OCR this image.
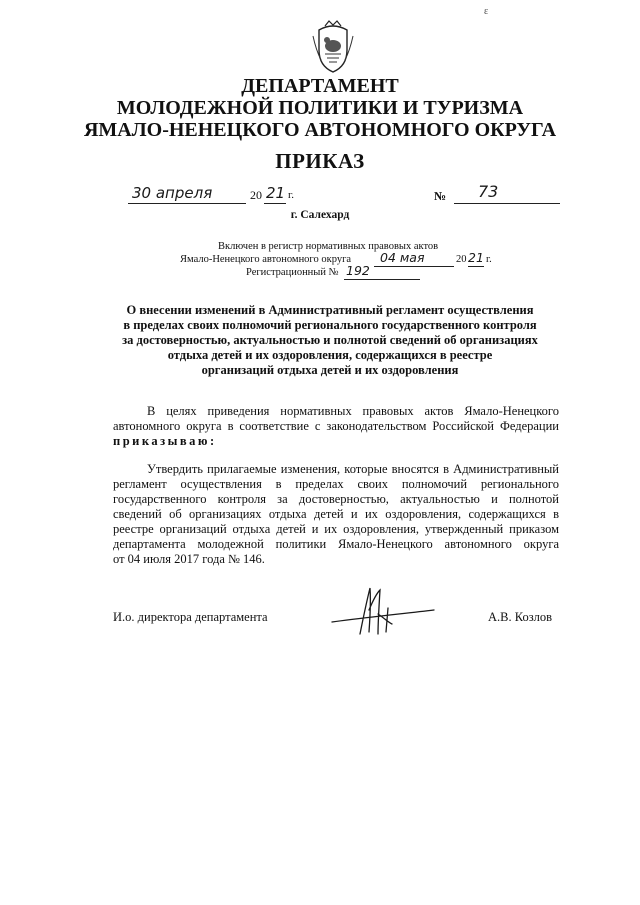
ε
ДЕПАРТАМЕНТ
МОЛОДЕЖНОЙ ПОЛИТИКИ И ТУРИЗМА
ЯМАЛО-НЕНЕЦКОГО АВТОНОМНОГО ОКРУГА
ПРИКАЗ
30 апреля	20 21 г.	№ 73
г. Салехард
Включен в регистр нормативных правовых актов
Ямало-Ненецкого автономного округа 04 мая	20 21 г.
Регистрационный № 192
О внесении изменений в Административный регламент осуществления
в пределах своих полномочий регионального государственного контроля
за достоверностью, актуальностью и полнотой сведений об организациях
отдыха детей и их оздоровления, содержащихся в реестре
организаций отдыха детей и их оздоровления
В целях приведения нормативных правовых актов Ямало-Ненецкого
автономного округа в соответствие с законодательством Российской Федерации
приказываю:
Утвердить прилагаемые изменения, которые вносятся в Административный
регламент осуществления в пределах своих полномочий регионального
государственного контроля за достоверностью, актуальностью и полнотой
сведений об организациях отдыха детей и их оздоровления, содержащихся в
реестре организаций отдыха детей и их оздоровления, утвержденный приказом
департамента молодежной политики Ямало-Ненецкого автономного округа
от 04 июля 2017 года № 146.
И.о. директора департамента	А.В. Козлов
